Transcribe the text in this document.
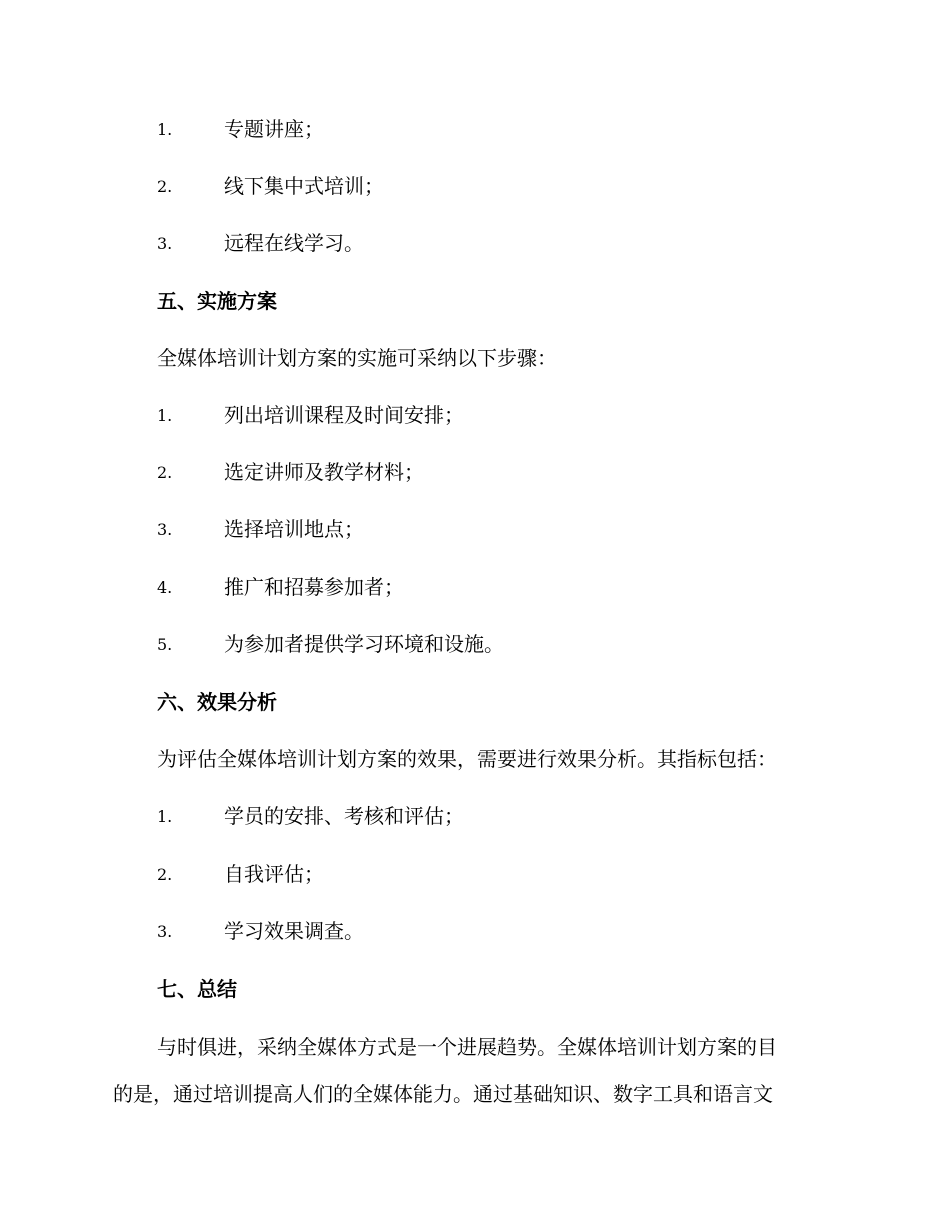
1.	专题讲座；
2.	线下集中式培训；
3.	远程在线学习。
五、实施方案
全媒体培训计划方案的实施可采纳以下步骤：
1.	列出培训课程及时间安排；
2.	选定讲师及教学材料；
3.	选择培训地点；
4.	推广和招募参加者；
5.	为参加者提供学习环境和设施。
六、效果分析
为评估全媒体培训计划方案的效果，需要进行效果分析。其指标包括：
1.	学员的安排、考核和评估；
2.	自我评估；
3.	学习效果调查。
七、总结
与时俱进，采纳全媒体方式是一个进展趋势。全媒体培训计划方案的目
的是，通过培训提高人们的全媒体能力。通过基础知识、数字工具和语言文
